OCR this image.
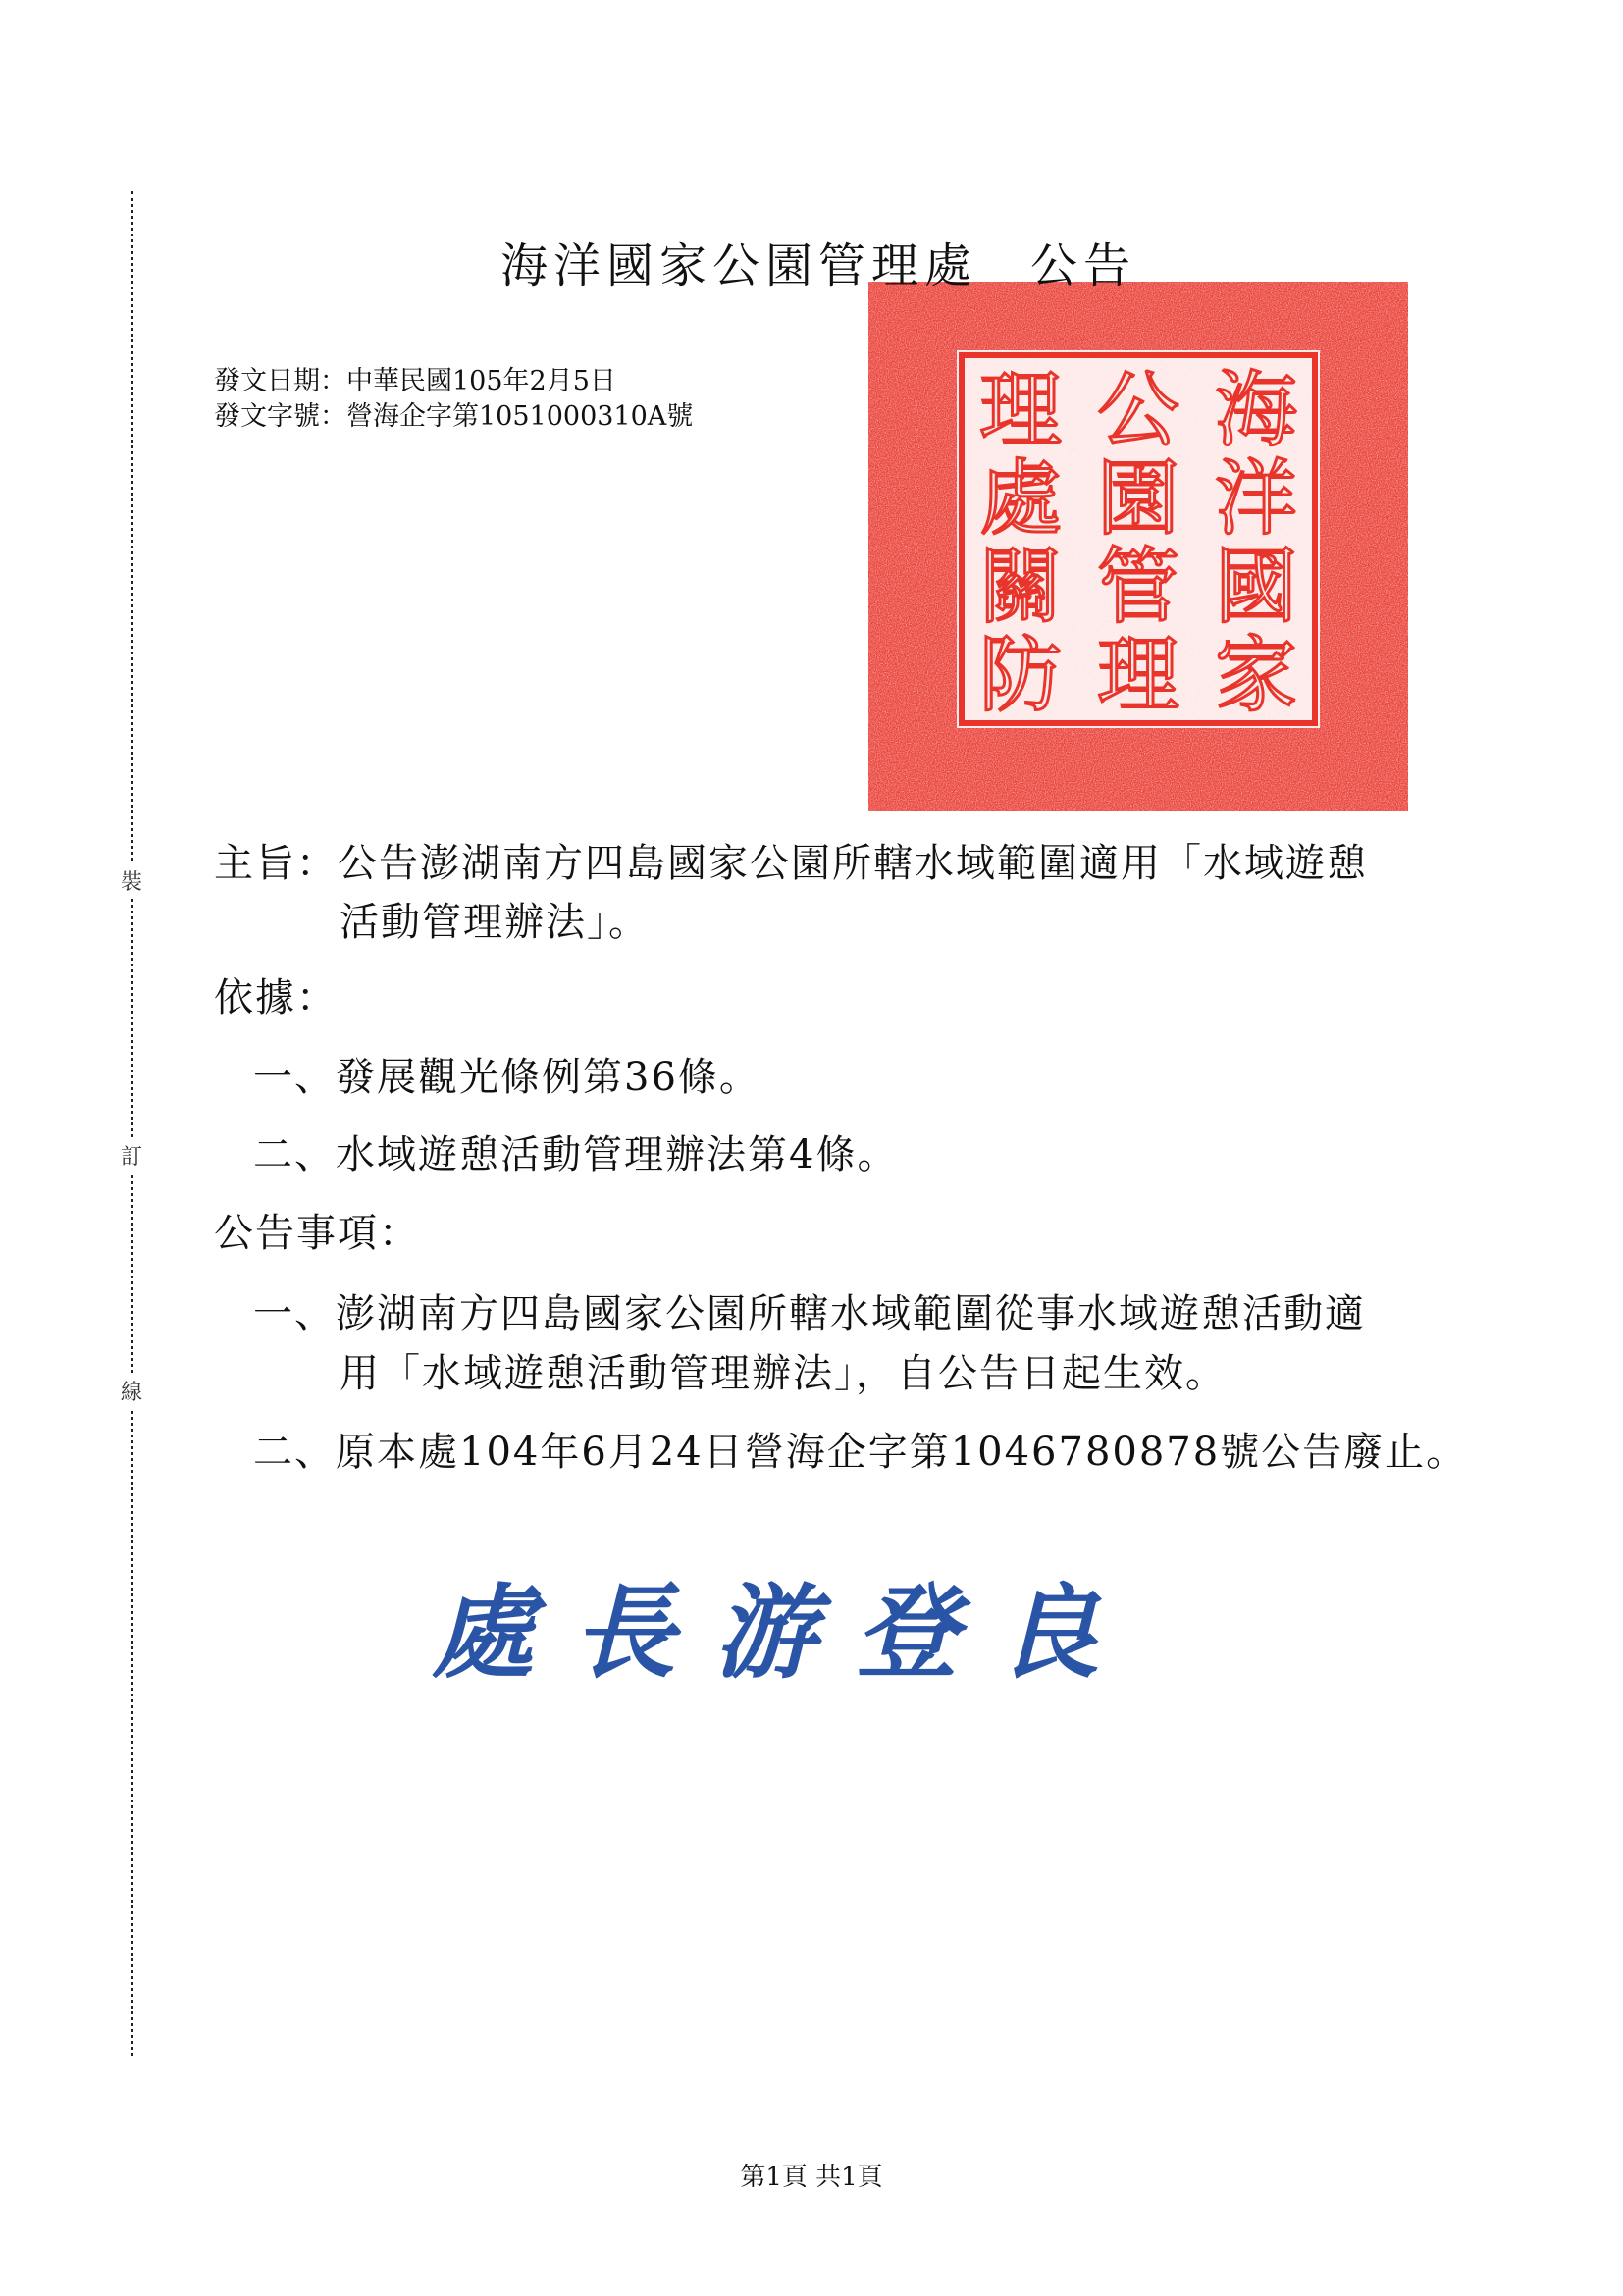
裝
訂
線
海洋國家公園管理處　公告
發文日期：中華民國105年2月5日
發文字號：營海企字第1051000310A號	海
洋
國
家
公
園
管
理
理
處
關
防
主旨：公告澎湖南方四島國家公園所轄水域範圍適用「水域遊憩
活動管理辦法」。
依據：
一、發展觀光條例第36條。
二、水域遊憩活動管理辦法第4條。
公告事項：
一、澎湖南方四島國家公園所轄水域範圍從事水域遊憩活動適
用「水域遊憩活動管理辦法」，自公告日起生效。
二、原本處104年6月24日營海企字第1046780878號公告廢止。
處長游登良
第1頁 共1頁
